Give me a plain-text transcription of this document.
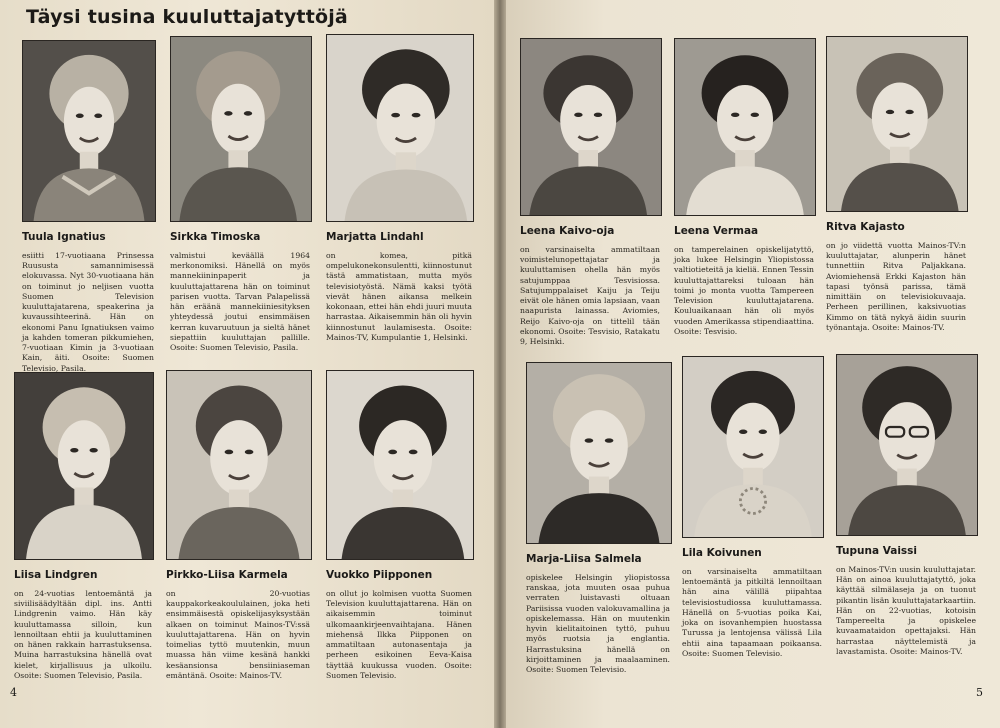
Täysi tusina kuuluttajatyttöjä
Tuula Ignatius
esiitti 17-vuotiaana Prinsessa Ruususta samannimisessä elokuvassa. Nyt 30-vuotiaana hän on toiminut jo neljisen vuotta Suomen Television kuuluttajatarena, speakerina ja kuvaussihteerinä. Hän on ekonomi Panu Ignatiuksen vaimo ja kahden tomeran pikkumiehen, 7-vuotiaan Kimin ja 3-vuotiaan Kain, äiti. Osoite: Suomen Televisio, Pasila.
Sirkka Timoska
valmistui keväällä 1964 merkonomiksi. Hänellä on myös mannekiininpaperit ja kuuluttajattarena hän on toiminut parisen vuotta. Tarvan Palapelissä hän eräänä mannekiiniesityksen yhteydessä joutui ensimmäisen kerran kuvaruutuun ja sieltä hänet siepattiin kuuluttajan pallille. Osoite: Suomen Televisio, Pasila.
Marjatta Lindahl
on komea, pitkä ompelukonekonsulentti, kiinnostunut tästä ammatistaan, mutta myös televisiotyöstä. Nämä kaksi työtä vievät hänen aikansa melkein kokonaan, ettei hän ehdi juuri muuta harrastaa. Aikaisemmin hän oli hyvin kiinnostunut laulamisesta. Osoite: Mainos-TV, Kumpulantie 1, Helsinki.
Liisa Lindgren
on 24-vuotias lentoemäntä ja siviilisäädyltään dipl. ins. Antti Lindgrenin vaimo. Hän käy kuuluttamassa silloin, kun lennoiltaan ehtii ja kuuluttaminen on hänen rakkain harrastuksensa. Muina harrastuksina hänellä ovat kielet, kirjallisuus ja ulkoilu. Osoite: Suomen Televisio, Pasila.
Pirkko-Liisa Karmela
on 20-vuotias kauppakorkeakoululainen, joka heti ensimmäisestä opiskelijasyksystään alkaen on toiminut Mainos-TV:ssä kuuluttajattarena. Hän on hyvin toimelias tyttö muutenkin, muun muassa hän viime kesänä hankki kesäansionsa bensiiniaseman emäntänä. Osoite: Mainos-TV.
Vuokko Piipponen
on ollut jo kolmisen vuotta Suomen Television kuuluttajattarena. Hän on aikaisemmin toiminut ulkomaankirjeenvaihtajana. Hänen miehensä Ilkka Piipponen on ammatiltaan autonasentaja ja perheen esikoinen Eeva-Kaisa täyttää kuukussa vuoden. Osoite: Suomen Televisio.
4
Leena Kaivo-oja
on varsinaiselta ammatiltaan voimistelunopettajatar ja kuuluttamisen ohella hän myös satujumppaa Tesvisiossa. Satujumppalaiset Kaiju ja Teiju eivät ole hänen omia lapsiaan, vaan naapurista lainassa. Aviomies, Reijo Kaivo-oja on tittelil tään ekonomi. Osoite: Tesvisio, Ratakatu 9, Helsinki.
Leena Vermaa
on tamperelainen opiskelijatyttö, joka lukee Helsingin Yliopistossa valtiotieteitä ja kieliä. Ennen Tessin kuuluttajattareksi tuloaan hän toimi jo monta vuotta Tampereen Television kuuluttajatarena. Kouluaikanaan hän oli myös vuoden Amerikassa stipendiaattina. Osoite: Tesvisio.
Ritva Kajasto
on jo viidettä vuotta Mainos-TV:n kuuluttajatar, alunperin hänet tunnettiin Ritva Paljakkana. Aviomiehensä Erkki Kajaston hän tapasi työnsä parissa, tämä nimittäin on televisiokuvaaja. Perheen perillinen, kaksivuotias Kimmo on tätä nykyä äidin suurin työnantaja. Osoite: Mainos-TV.
Marja-Liisa Salmela
opiskelee Helsingin yliopistossa ranskaa, jota muuten osaa puhua verraten luistavasti oltuaan Pariisissa vuoden valokuvamallina ja opiskelemassa. Hän on muutenkin hyvin kielitaitoinen tyttö, puhuu myös ruotsia ja englantia. Harrastuksina hänellä on kirjoittaminen ja maalaaminen. Osoite: Suomen Televisio.
Lila Koivunen
on varsinaiselta ammatiltaan lentoemäntä ja pitkiltä lennoiltaan hän aina välillä piipahtaa televisiostudiossa kuuluttamassa. Hänellä on 5-vuotias poika Kai, joka on isovanhempien huostassa Turussa ja lentojensa välissä Lila ehtii aina tapaamaan poikaansa. Osoite: Suomen Televisio.
Tupuna Vaissi
on Mainos-TV:n uusin kuuluttajatar. Hän on ainoa kuuluttajatyttö, joka käyttää silmälaseja ja on tuonut pikantin lisän kuuluttajatarkaartiin. Hän on 22-vuotias, kotoisin Tampereelta ja opiskelee kuvaamataidon opettajaksi. Hän harrastaa näyttelemistä ja lavastamista. Osoite: Mainos-TV.
5
